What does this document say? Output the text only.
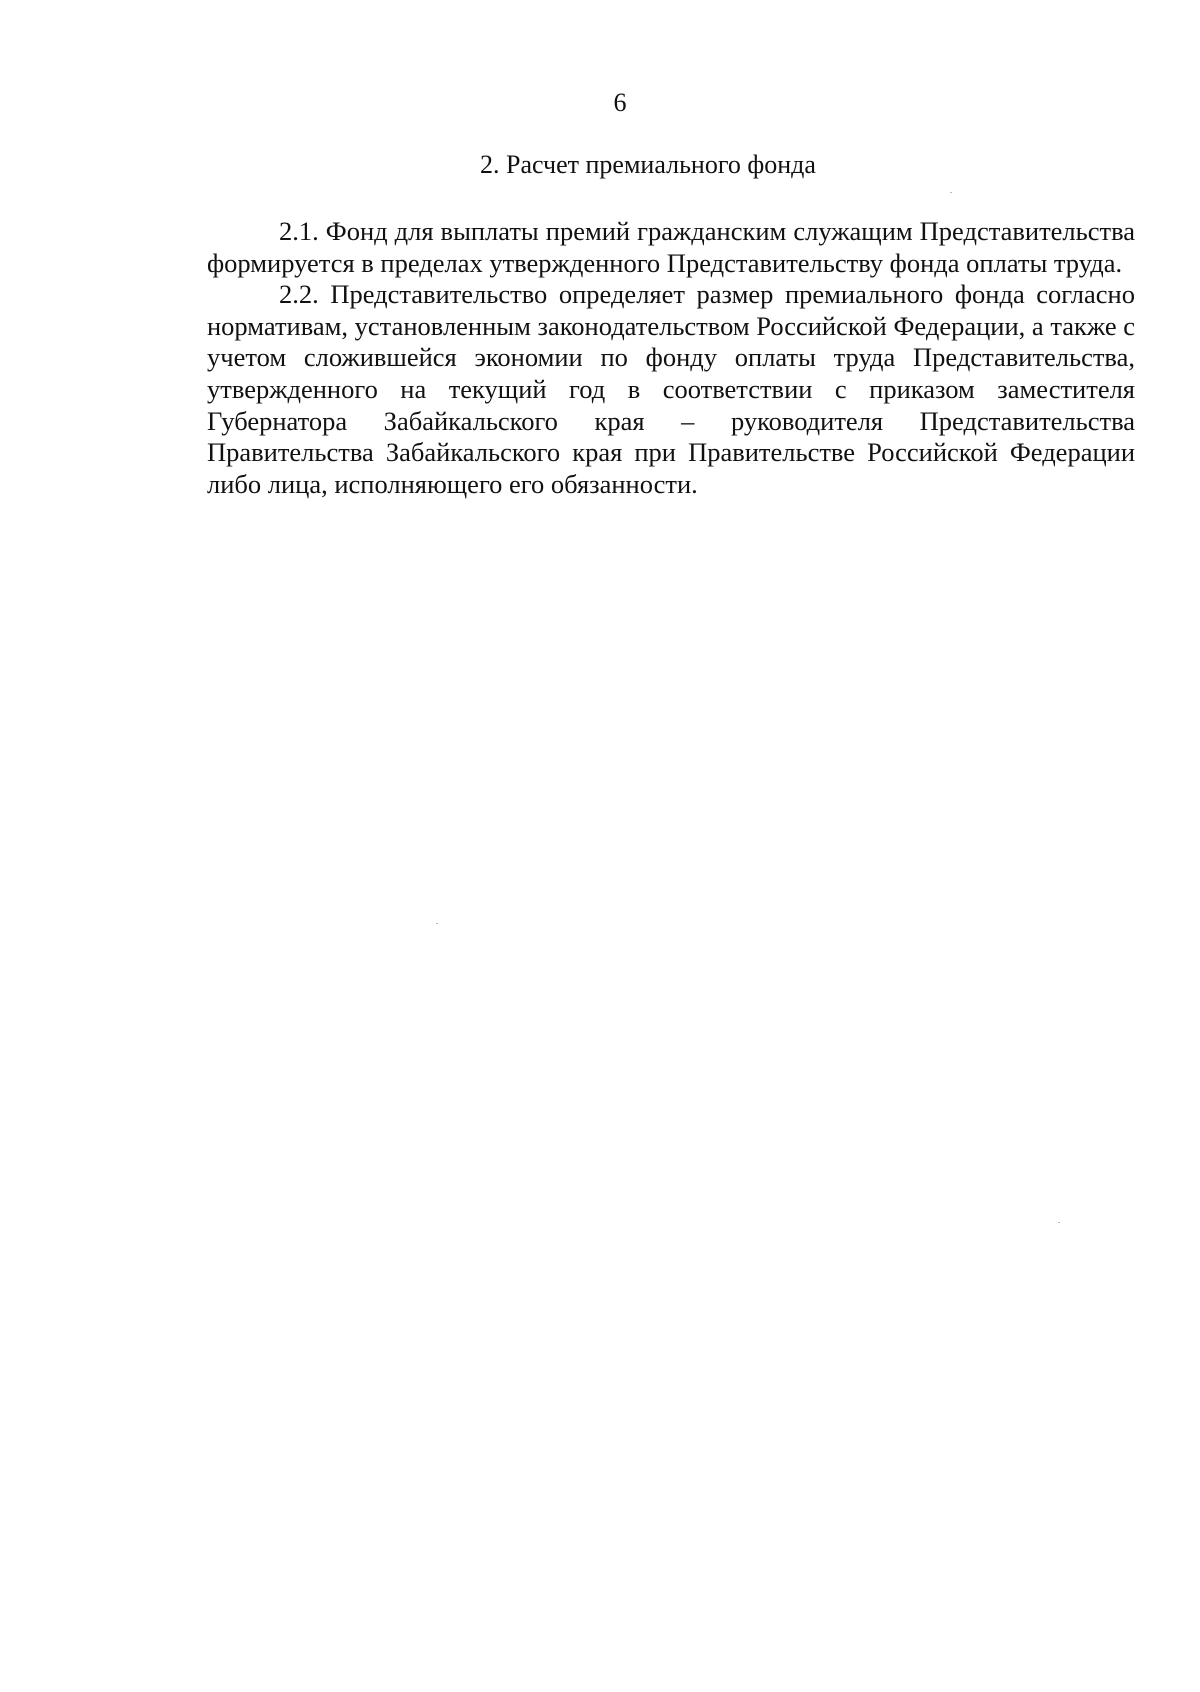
6
2. Расчет премиального фонда

2.1. Фонд для выплаты премий гражданским служащим Представительства формируется в пределах утвержденного Представительству фонда оплаты труда.

2.2. Представительство определяет размер премиального фонда согласно нормативам, установленным законодательством Российской Федерации, а также с учетом сложившейся экономии по фонду оплаты труда Представительства, утвержденного на текущий год в соответствии с приказом заместителя Губернатора Забайкальского края – руководителя Представительства Правительства Забайкальского края при Правительстве Российской Федерации либо лица, исполняющего его обязанности.
